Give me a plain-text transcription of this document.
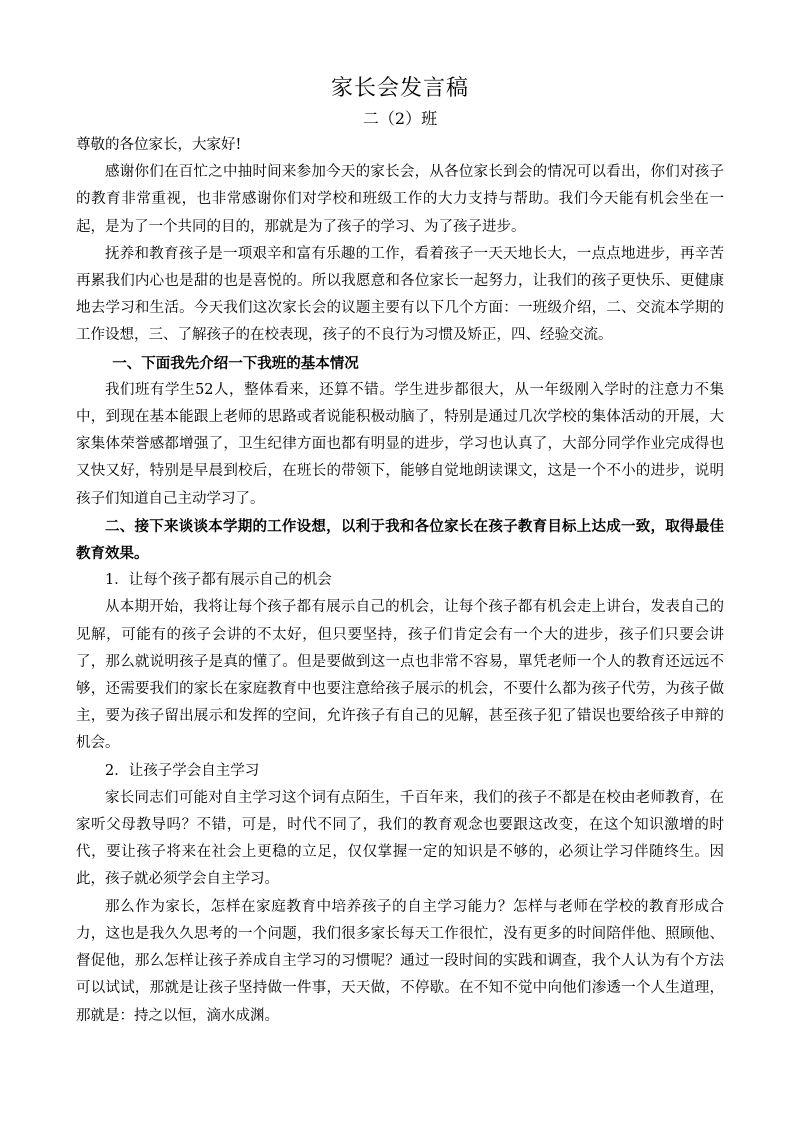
家长会发言稿
二（2）班

尊敬的各位家长，大家好!

感谢你们在百忙之中抽时间来参加今天的家长会，从各位家长到会的情况可以看出，你们对孩子的教育非常重视，也非常感谢你们对学校和班级工作的大力支持与帮助。我们今天能有机会坐在一起，是为了一个共同的目的，那就是为了孩子的学习、为了孩子进步。

抚养和教育孩子是一项艰辛和富有乐趣的工作，看着孩子一天天地长大，一点点地进步，再辛苦再累我们内心也是甜的也是喜悦的。所以我愿意和各位家长一起努力，让我们的孩子更快乐、更健康地去学习和生活。今天我们这次家长会的议题主要有以下几个方面：一班级介绍，二、交流本学期的工作设想，三、了解孩子的在校表现，孩子的不良行为习惯及矫正，四、经验交流。

一、下面我先介绍一下我班的基本情况

我们班有学生52人，整体看来，还算不错。学生进步都很大，从一年级刚入学时的注意力不集中，到现在基本能跟上老师的思路或者说能积极动脑了，特别是通过几次学校的集体活动的开展，大家集体荣誉感都增强了，卫生纪律方面也都有明显的进步，学习也认真了，大部分同学作业完成得也又快又好，特别是早晨到校后，在班长的带领下，能够自觉地朗读课文，这是一个不小的进步，说明孩子们知道自己主动学习了。

二、接下来谈谈本学期的工作设想，以利于我和各位家长在孩子教育目标上达成一致，取得最佳教育效果。

1．让每个孩子都有展示自己的机会

从本期开始，我将让每个孩子都有展示自己的机会，让每个孩子都有机会走上讲台，发表自己的见解，可能有的孩子会讲的不太好，但只要坚持，孩子们肯定会有一个大的进步，孩子们只要会讲了，那么就说明孩子是真的懂了。但是要做到这一点也非常不容易，單凭老师一个人的教育还远远不够，还需要我们的家长在家庭教育中也要注意给孩子展示的机会，不要什么都为孩子代劳，为孩子做主，要为孩子留出展示和发挥的空间，允许孩子有自己的见解，甚至孩子犯了错误也要给孩子申辩的机会。

2．让孩子学会自主学习

家长同志们可能对自主学习这个词有点陌生，千百年来，我们的孩子不都是在校由老师教育，在家听父母教导吗？不错，可是，时代不同了，我们的教育观念也要跟这改变，在这个知识激增的时代，要让孩子将来在社会上更稳的立足，仅仅掌握一定的知识是不够的，必须让学习伴随终生。因此，孩子就必须学会自主学习。

那么作为家长，怎样在家庭教育中培养孩子的自主学习能力？怎样与老师在学校的教育形成合力，这也是我久久思考的一个问题，我们很多家长每天工作很忙，没有更多的时间陪伴他、照顾他、督促他，那么怎样让孩子养成自主学习的习惯呢？通过一段时间的实践和调查，我个人认为有个方法可以试试，那就是让孩子坚持做一件事，天天做，不停歇。在不知不觉中向他们渗透一个人生道理，那就是：持之以恒，滴水成渊。
